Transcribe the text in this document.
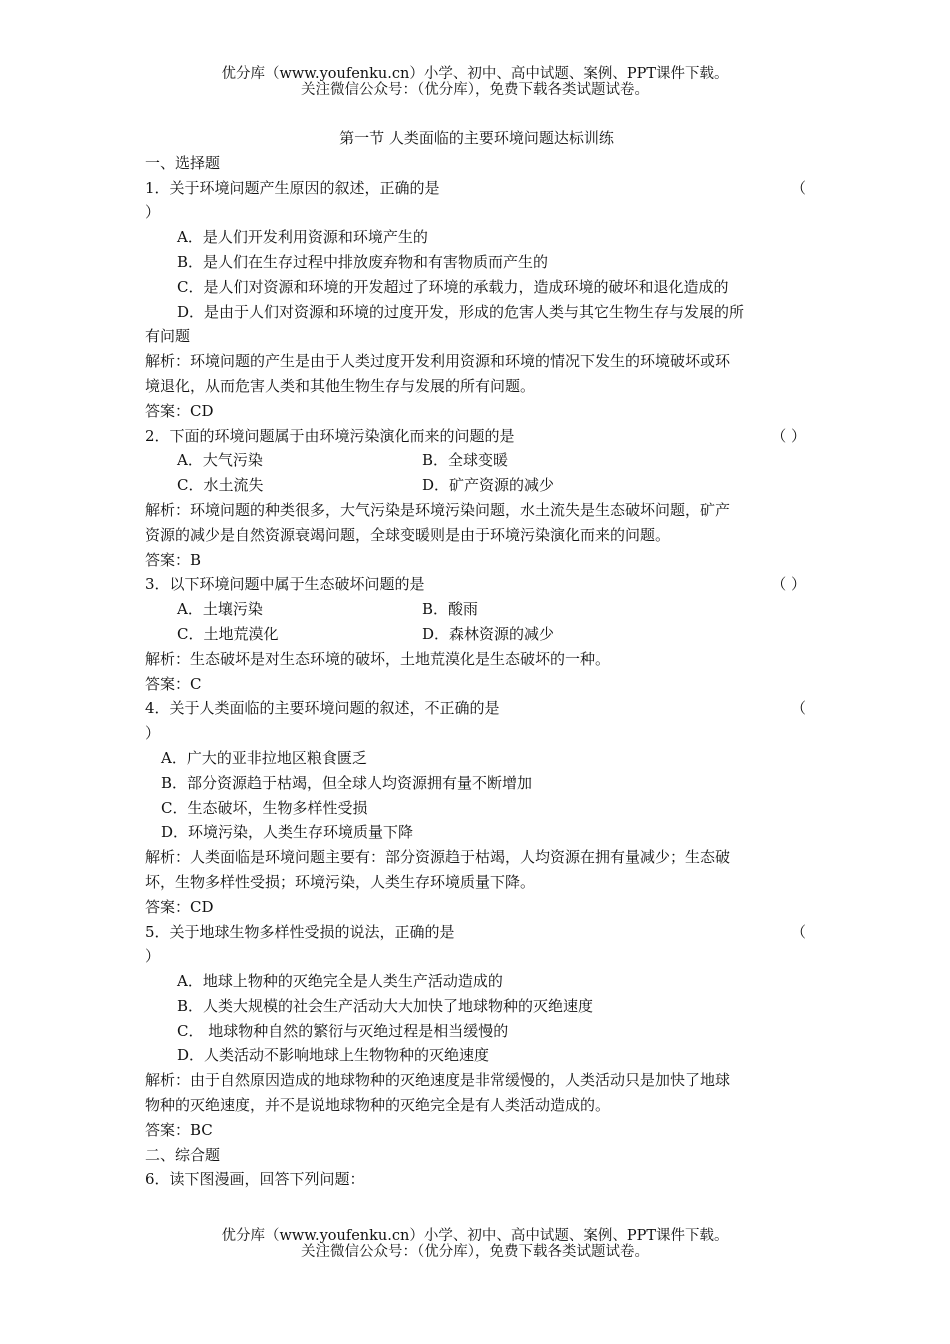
优分库（www.youfenku.cn）小学、初中、高中试题、案例、PPT课件下载。
关注微信公众号：（优分库），免费下载各类试题试卷。
第一节 人类面临的主要环境问题达标训练
一、选择题
1．关于环境问题产生原因的叙述，正确的是	（
）
A．是人们开发利用资源和环境产生的
B．是人们在生存过程中排放废弃物和有害物质而产生的
C．是人们对资源和环境的开发超过了环境的承载力，造成环境的破坏和退化造成的
D．是由于人们对资源和环境的过度开发，形成的危害人类与其它生物生存与发展的所
有问题
解析：环境问题的产生是由于人类过度开发利用资源和环境的情况下发生的环境破坏或环
境退化，从而危害人类和其他生物生存与发展的所有问题。
答案：CD
2．下面的环境问题属于由环境污染演化而来的问题的是	（ ）
A．大气污染	B．全球变暖
C．水土流失	D．矿产资源的减少
解析：环境问题的种类很多，大气污染是环境污染问题，水土流失是生态破坏问题，矿产
资源的减少是自然资源衰竭问题，全球变暖则是由于环境污染演化而来的问题。
答案：B
3．以下环境问题中属于生态破坏问题的是	（ ）
A．土壤污染	B．酸雨
C．土地荒漠化	D．森林资源的减少
解析：生态破坏是对生态环境的破坏，土地荒漠化是生态破坏的一种。
答案：C
4．关于人类面临的主要环境问题的叙述，不正确的是	（
）
A．广大的亚非拉地区粮食匮乏
B．部分资源趋于枯竭，但全球人均资源拥有量不断增加
C．生态破坏，生物多样性受损
D．环境污染，人类生存环境质量下降
解析：人类面临是环境问题主要有：部分资源趋于枯竭，人均资源在拥有量减少；生态破
坏，生物多样性受损；环境污染，人类生存环境质量下降。
答案：CD
5．关于地球生物多样性受损的说法，正确的是	（
）
A．地球上物种的灭绝完全是人类生产活动造成的
B．人类大规模的社会生产活动大大加快了地球物种的灭绝速度
C． 地球物种自然的繁衍与灭绝过程是相当缓慢的
D．人类活动不影响地球上生物物种的灭绝速度
解析：由于自然原因造成的地球物种的灭绝速度是非常缓慢的，人类活动只是加快了地球
物种的灭绝速度，并不是说地球物种的灭绝完全是有人类活动造成的。
答案：BC
二、综合题
6．读下图漫画，回答下列问题：
优分库（www.youfenku.cn）小学、初中、高中试题、案例、PPT课件下载。
关注微信公众号：（优分库），免费下载各类试题试卷。
